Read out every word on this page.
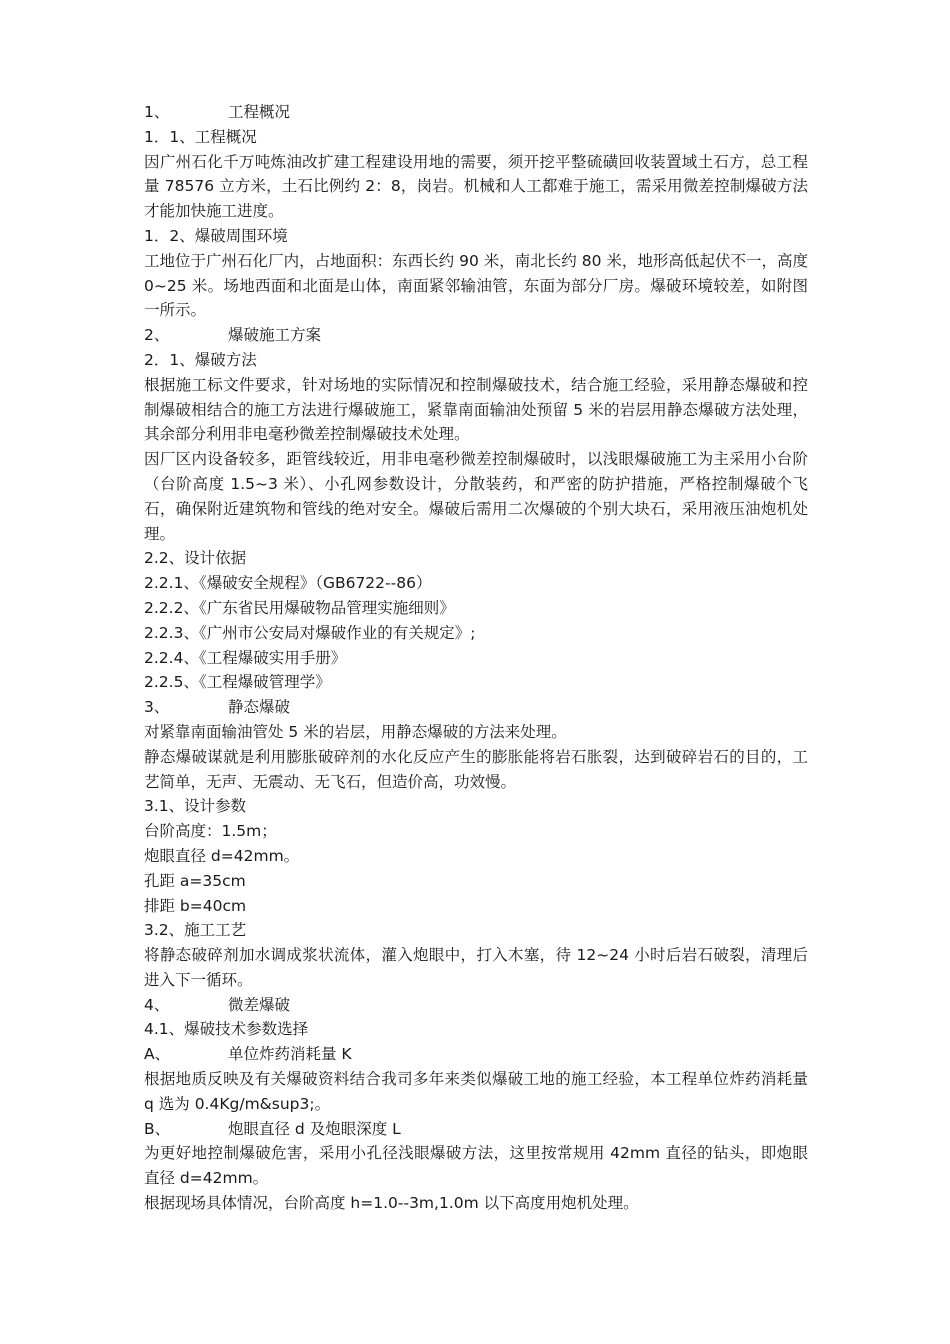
1、	工程概况

1．1、工程概况

因广州石化千万吨炼油改扩建工程建设用地的需要，须开挖平整硫磺回收装置域土石方，总工程量 78576 立方米，土石比例约 2：8，岗岩。机械和人工都难于施工，需采用微差控制爆破方法才能加快施工进度。

1．2、爆破周围环境

工地位于广州石化厂内，占地面积：东西长约 90 米，南北长约 80 米，地形高低起伏不一，高度 0~25 米。场地西面和北面是山体，南面紧邻输油管，东面为部分厂房。爆破环境较差，如附图一所示。

2、	爆破施工方案

2．1、爆破方法

根据施工标文件要求，针对场地的实际情况和控制爆破技术，结合施工经验，采用静态爆破和控制爆破相结合的施工方法进行爆破施工，紧靠南面输油处预留 5 米的岩层用静态爆破方法处理，其余部分利用非电毫秒微差控制爆破技术处理。

因厂区内设备较多，距管线较近，用非电毫秒微差控制爆破时，以浅眼爆破施工为主采用小台阶（台阶高度 1.5~3 米）、小孔网参数设计，分散装药，和严密的防护措施，严格控制爆破个飞石，确保附近建筑物和管线的绝对安全。爆破后需用二次爆破的个别大块石，采用液压油炮机处理。

2.2、设计依据

2.2.1、《爆破安全规程》（GB6722--86）

2.2.2、《广东省民用爆破物品管理实施细则》

2.2.3、《广州市公安局对爆破作业的有关规定》;

2.2.4、《工程爆破实用手册》

2.2.5、《工程爆破管理学》

3、	静态爆破

对紧靠南面输油管处 5 米的岩层，用静态爆破的方法来处理。

静态爆破谋就是利用膨胀破碎剂的水化反应产生的膨胀能将岩石胀裂，达到破碎岩石的目的，工艺简单，无声、无震动、无飞石，但造价高，功效慢。

3.1、设计参数

台阶高度：1.5m；

炮眼直径 d=42mm。

孔距 a=35cm

排距 b=40cm

3.2、施工工艺

将静态破碎剂加水调成浆状流体，灌入炮眼中，打入木塞，待 12~24 小时后岩石破裂，清理后进入下一循环。

4、	微差爆破

4.1、爆破技术参数选择

A、	单位炸药消耗量 K

根据地质反映及有关爆破资料结合我司多年来类似爆破工地的施工经验，本工程单位炸药消耗量 q 选为 0.4Kg/m&sup3;。

B、	炮眼直径 d 及炮眼深度 L

为更好地控制爆破危害，采用小孔径浅眼爆破方法，这里按常规用 42mm 直径的钻头，即炮眼直径 d=42mm。

根据现场具体情况，台阶高度 h=1.0--3m,1.0m 以下高度用炮机处理。
